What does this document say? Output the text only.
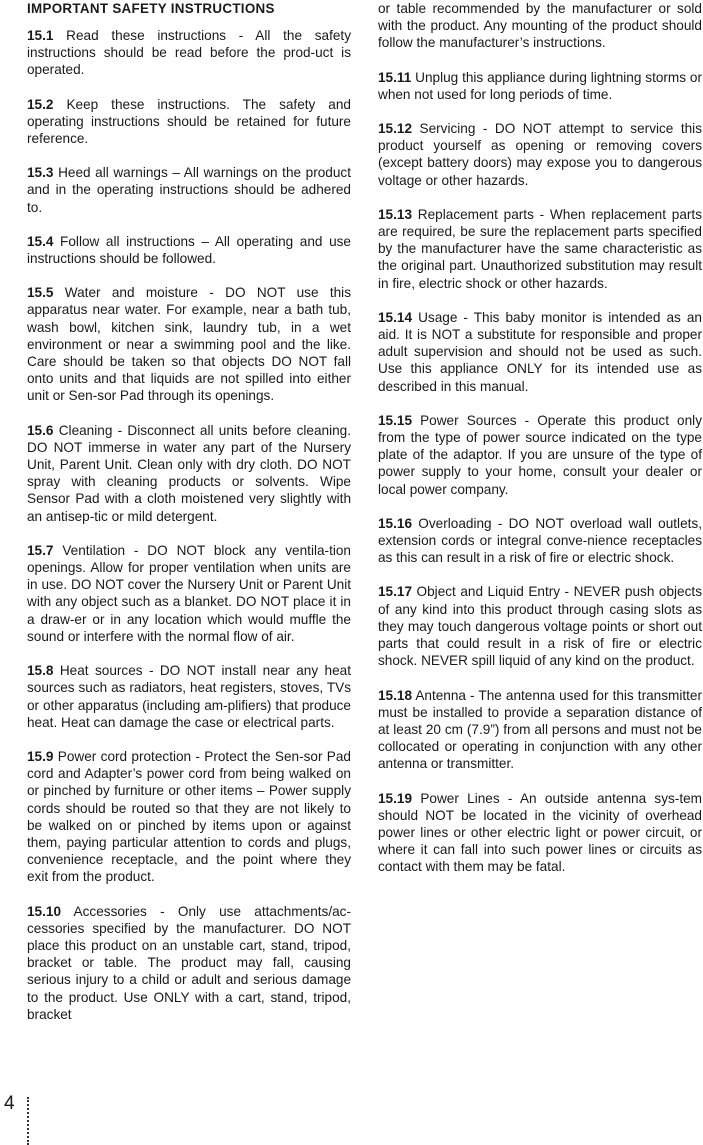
IMPORTANT SAFETY INSTRUCTIONS

15.1 Read these instructions - All the safety instructions should be read before the prod-uct is operated.

15.2 Keep these instructions. The safety and operating instructions should be retained for future reference.

15.3 Heed all warnings – All warnings on the product and in the operating instructions should be adhered to.

15.4 Follow all instructions – All operating and use instructions should be followed.

15.5 Water and moisture - DO NOT use this apparatus near water. For example, near a bath tub, wash bowl, kitchen sink, laundry tub, in a wet environment or near a swimming pool and the like. Care should be taken so that objects DO NOT fall onto units and that liquids are not spilled into either unit or Sen-sor Pad through its openings.

15.6 Cleaning - Disconnect all units before cleaning. DO NOT immerse in water any part of the Nursery Unit, Parent Unit. Clean only with dry cloth. DO NOT spray with cleaning products or solvents. Wipe Sensor Pad with a cloth moistened very slightly with an antisep-tic or mild detergent.

15.7 Ventilation - DO NOT block any ventila-tion openings. Allow for proper ventilation when units are in use. DO NOT cover the Nursery Unit or Parent Unit with any object such as a blanket. DO NOT place it in a draw-er or in any location which would muffle the sound or interfere with the normal flow of air.

15.8 Heat sources - DO NOT install near any heat sources such as radiators, heat registers, stoves, TVs or other apparatus (including am-plifiers) that produce heat. Heat can damage the case or electrical parts.

15.9 Power cord protection - Protect the Sen-sor Pad cord and Adapter’s power cord from being walked on or pinched by furniture or other items – Power supply cords should be routed so that they are not likely to be walked on or pinched by items upon or against them, paying particular attention to cords and plugs, convenience receptacle, and the point where they exit from the product.

15.10 Accessories - Only use attachments/ac-cessories specified by the manufacturer. DO NOT place this product on an unstable cart, stand, tripod, bracket or table. The product may fall, causing serious injury to a child or adult and serious damage to the product. Use ONLY with a cart, stand, tripod, bracket

or table recommended by the manufacturer or sold with the product. Any mounting of the product should follow the manufacturer’s instructions.

15.11 Unplug this appliance during lightning storms or when not used for long periods of time.

15.12 Servicing - DO NOT attempt to service this product yourself as opening or removing covers (except battery doors) may expose you to dangerous voltage or other hazards.

15.13 Replacement parts - When replacement parts are required, be sure the replacement parts specified by the manufacturer have the same characteristic as the original part. Unauthorized substitution may result in fire, electric shock or other hazards.

15.14 Usage - This baby monitor is intended as an aid. It is NOT a substitute for responsible and proper adult supervision and should not be used as such. Use this appliance ONLY for its intended use as described in this manual.

15.15 Power Sources - Operate this product only from the type of power source indicated on the type plate of the adaptor. If you are unsure of the type of power supply to your home, consult your dealer or local power company.

15.16 Overloading - DO NOT overload wall outlets, extension cords or integral conve-nience receptacles as this can result in a risk of fire or electric shock.

15.17 Object and Liquid Entry - NEVER push objects of any kind into this product through casing slots as they may touch dangerous voltage points or short out parts that could result in a risk of fire or electric shock. NEVER spill liquid of any kind on the product.

15.18 Antenna - The antenna used for this transmitter must be installed to provide a separation distance of at least 20 cm (7.9”) from all persons and must not be collocated or operating in conjunction with any other antenna or transmitter.

15.19 Power Lines - An outside antenna sys-tem should NOT be located in the vicinity of overhead power lines or other electric light or power circuit, or where it can fall into such power lines or circuits as contact with them may be fatal.

4
